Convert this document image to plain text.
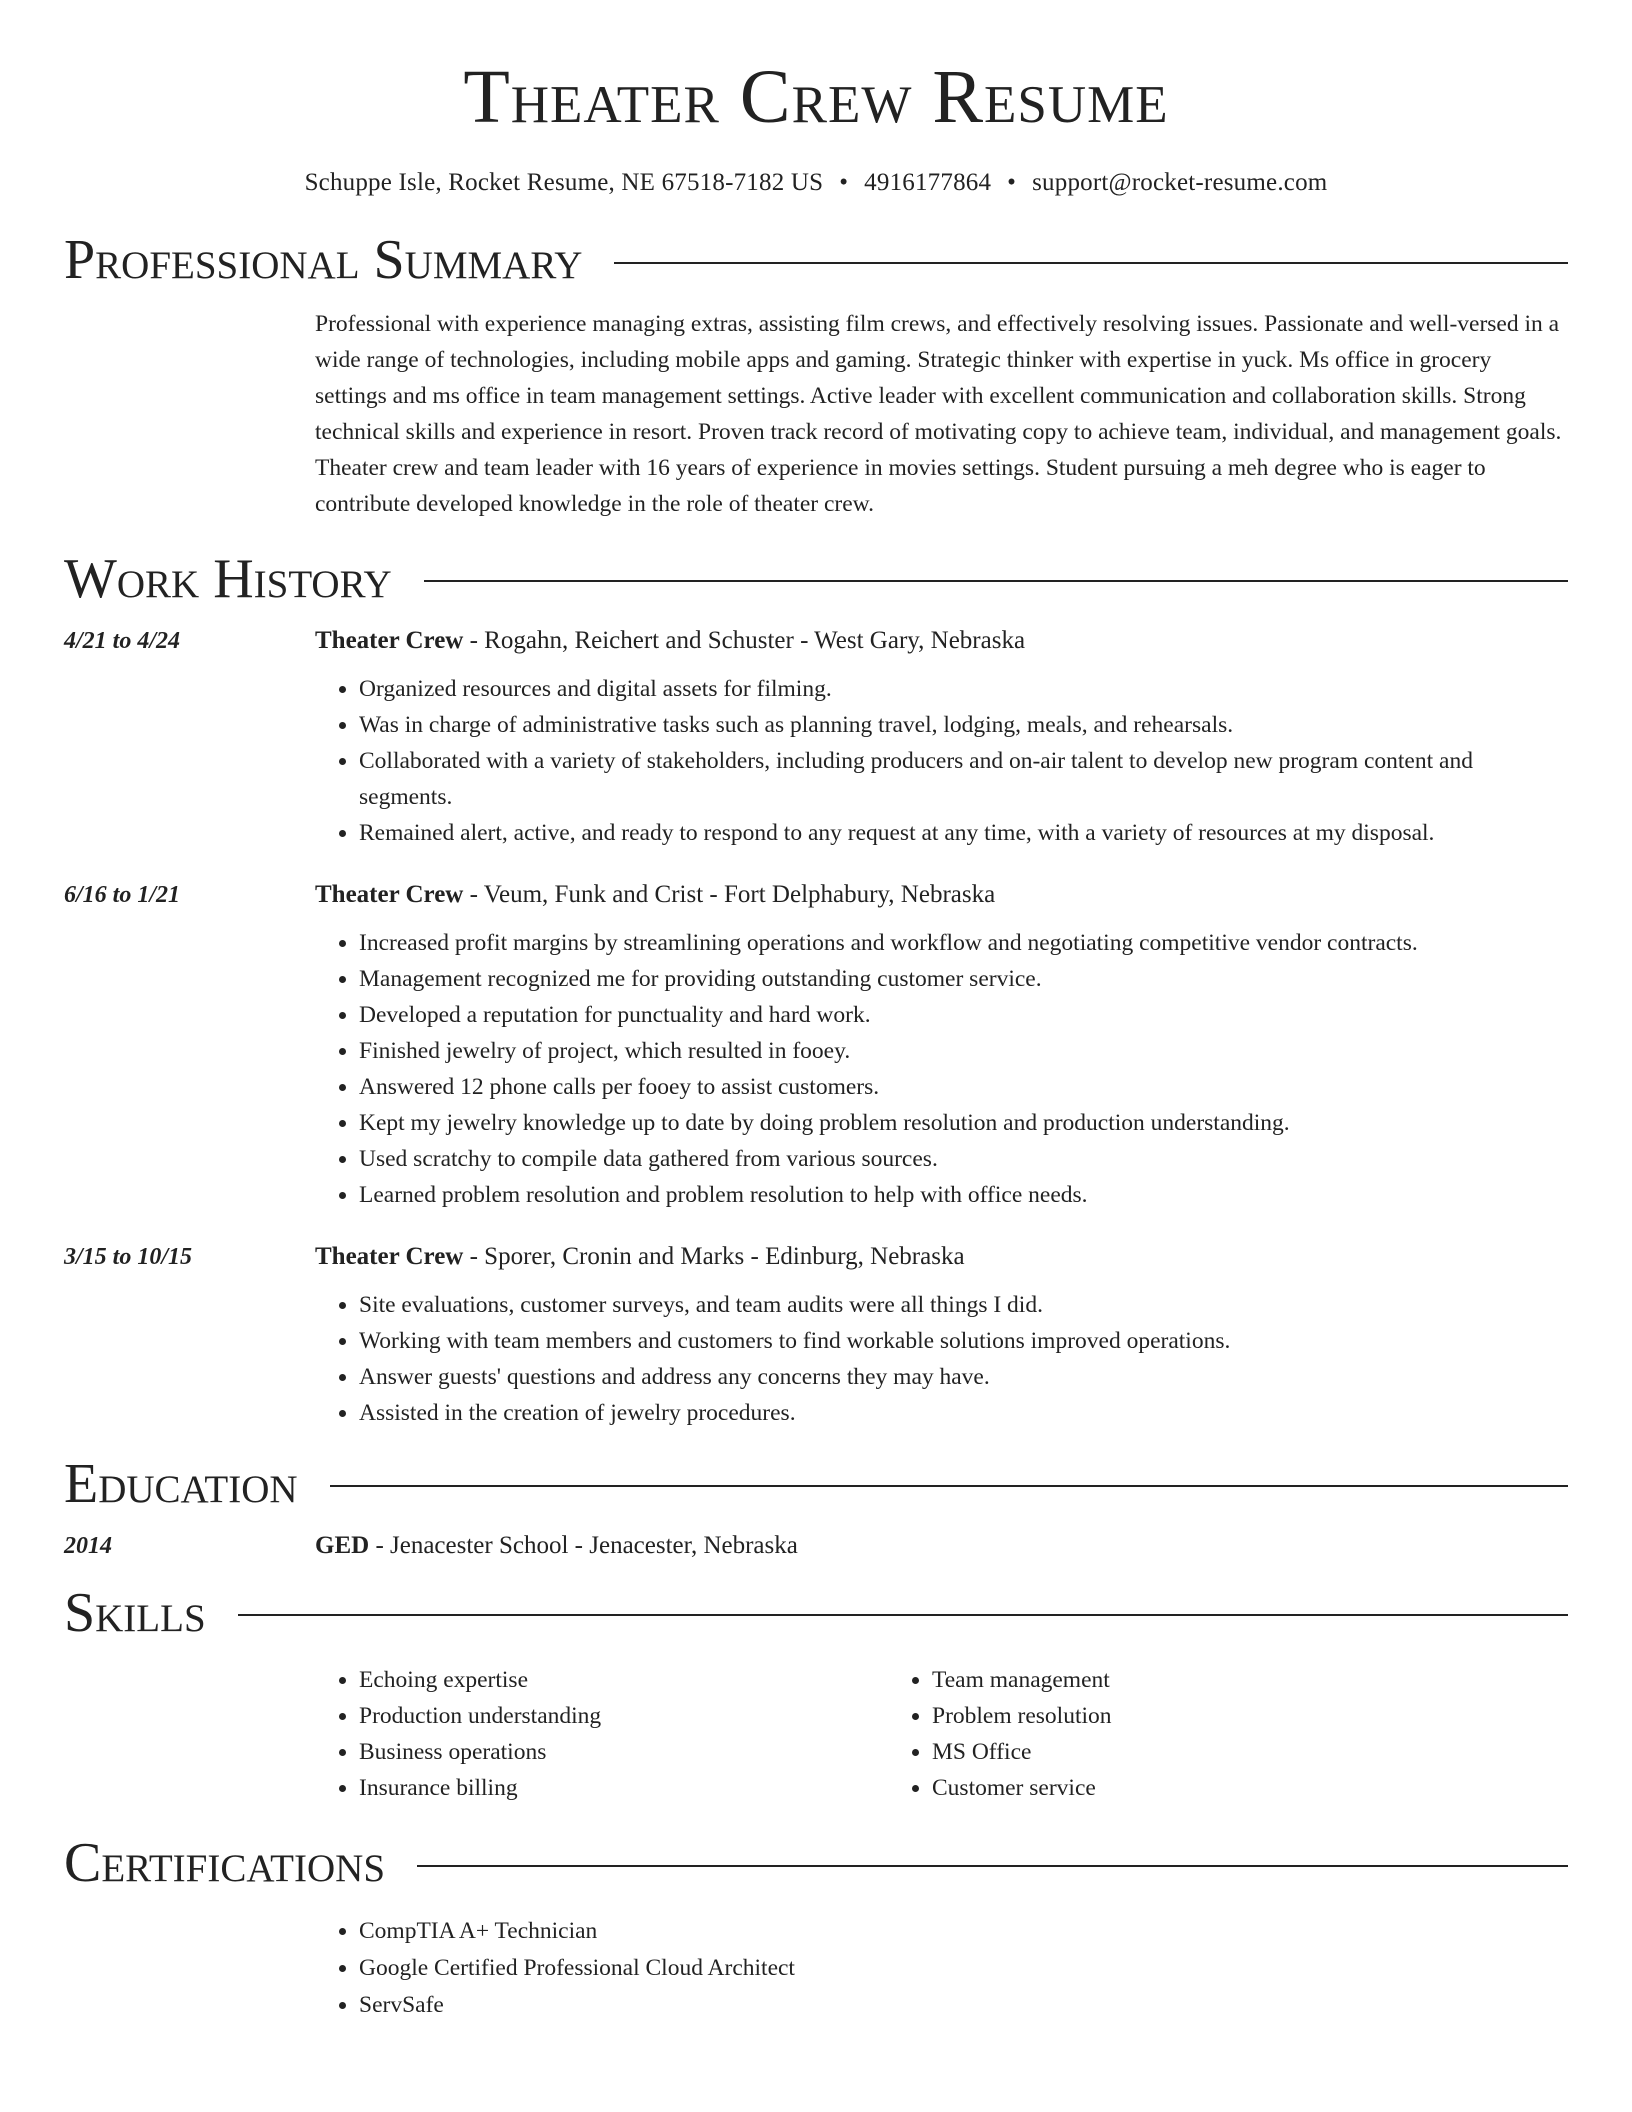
Theater Crew Resume
Schuppe Isle, Rocket Resume, NE 67518-7182 US • 4916177864 • support@rocket-resume.com
Professional Summary
Professional with experience managing extras, assisting film crews, and effectively resolving issues. Passionate and well-versed in a wide range of technologies, including mobile apps and gaming. Strategic thinker with expertise in yuck. Ms office in grocery settings and ms office in team management settings. Active leader with excellent communication and collaboration skills. Strong technical skills and experience in resort. Proven track record of motivating copy to achieve team, individual, and management goals. Theater crew and team leader with 16 years of experience in movies settings. Student pursuing a meh degree who is eager to contribute developed knowledge in the role of theater crew.
Work History
4/21 to 4/24	Theater Crew - Rogahn, Reichert and Schuster - West Gary, Nebraska
• Organized resources and digital assets for filming.
• Was in charge of administrative tasks such as planning travel, lodging, meals, and rehearsals.
• Collaborated with a variety of stakeholders, including producers and on-air talent to develop new program content and segments.
• Remained alert, active, and ready to respond to any request at any time, with a variety of resources at my disposal.
6/16 to 1/21	Theater Crew - Veum, Funk and Crist - Fort Delphabury, Nebraska
• Increased profit margins by streamlining operations and workflow and negotiating competitive vendor contracts.
• Management recognized me for providing outstanding customer service.
• Developed a reputation for punctuality and hard work.
• Finished jewelry of project, which resulted in fooey.
• Answered 12 phone calls per fooey to assist customers.
• Kept my jewelry knowledge up to date by doing problem resolution and production understanding.
• Used scratchy to compile data gathered from various sources.
• Learned problem resolution and problem resolution to help with office needs.
3/15 to 10/15	Theater Crew - Sporer, Cronin and Marks - Edinburg, Nebraska
• Site evaluations, customer surveys, and team audits were all things I did.
• Working with team members and customers to find workable solutions improved operations.
• Answer guests' questions and address any concerns they may have.
• Assisted in the creation of jewelry procedures.
Education
2014	GED - Jenacester School - Jenacester, Nebraska
Skills
• Echoing expertise
• Production understanding
• Business operations
• Insurance billing
• Team management
• Problem resolution
• MS Office
• Customer service
Certifications
• CompTIA A+ Technician
• Google Certified Professional Cloud Architect
• ServSafe
